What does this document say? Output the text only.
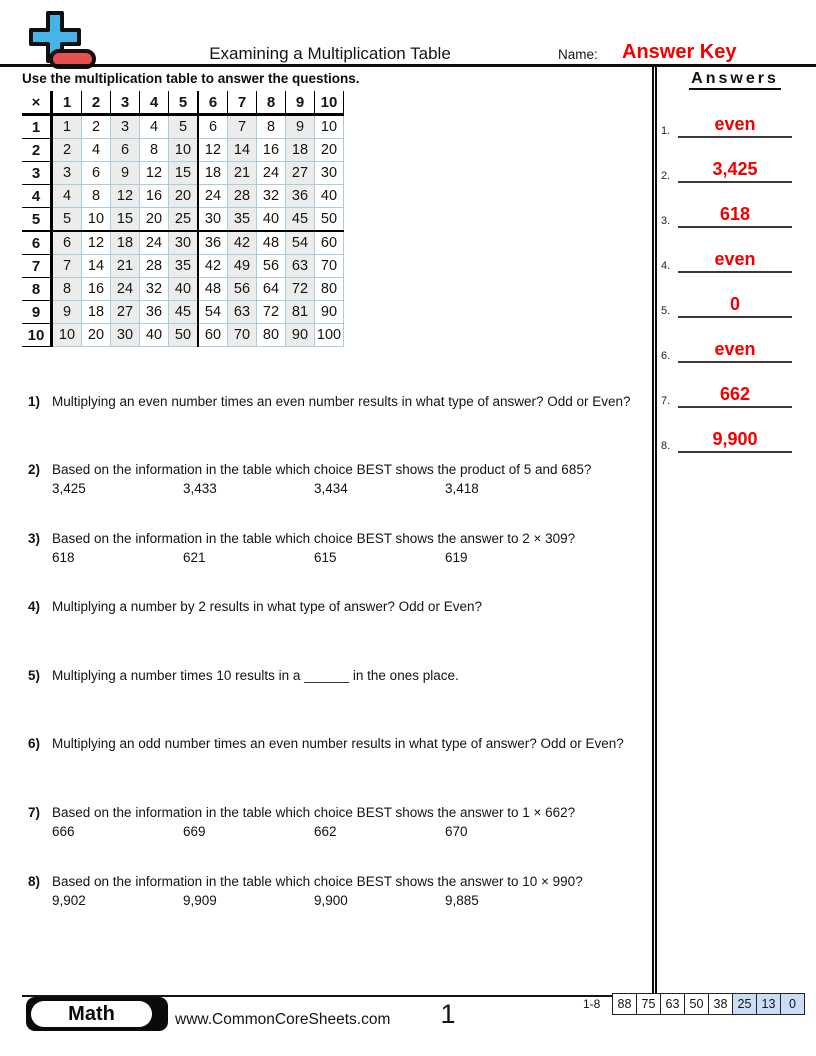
Examining a Multiplication Table	Name: Answer Key
Use the multiplication table to answer the questions.
×	1	2	3	4	5	6	7	8	9	10
1	1	2	3	4	5	6	7	8	9	10
2	2	4	6	8	10	12	14	16	18	20
3	3	6	9	12	15	18	21	24	27	30
4	4	8	12	16	20	24	28	32	36	40
5	5	10	15	20	25	30	35	40	45	50
6	6	12	18	24	30	36	42	48	54	60
7	7	14	21	28	35	42	49	56	63	70
8	8	16	24	32	40	48	56	64	72	80
9	9	18	27	36	45	54	63	72	81	90
10	10	20	30	40	50	60	70	80	90	100
1) Multiplying an even number times an even number results in what type of answer? Odd or Even?
2) Based on the information in the table which choice BEST shows the product of 5 and 685?
3,425	3,433	3,434	3,418
3) Based on the information in the table which choice BEST shows the answer to 2 × 309?
618	621	615	619
4) Multiplying a number by 2 results in what type of answer? Odd or Even?
5) Multiplying a number times 10 results in a ______ in the ones place.
6) Multiplying an odd number times an even number results in what type of answer? Odd or Even?
7) Based on the information in the table which choice BEST shows the answer to 1 × 662?
666	669	662	670
8) Based on the information in the table which choice BEST shows the answer to 10 × 990?
9,902	9,909	9,900	9,885
Answers
1.	even
2.	3,425
3.	618
4.	even
5.	0
6.	even
7.	662
8.	9,900
Math	www.CommonCoreSheets.com	1	1-8	88 75 63 50 38 25 13	0
